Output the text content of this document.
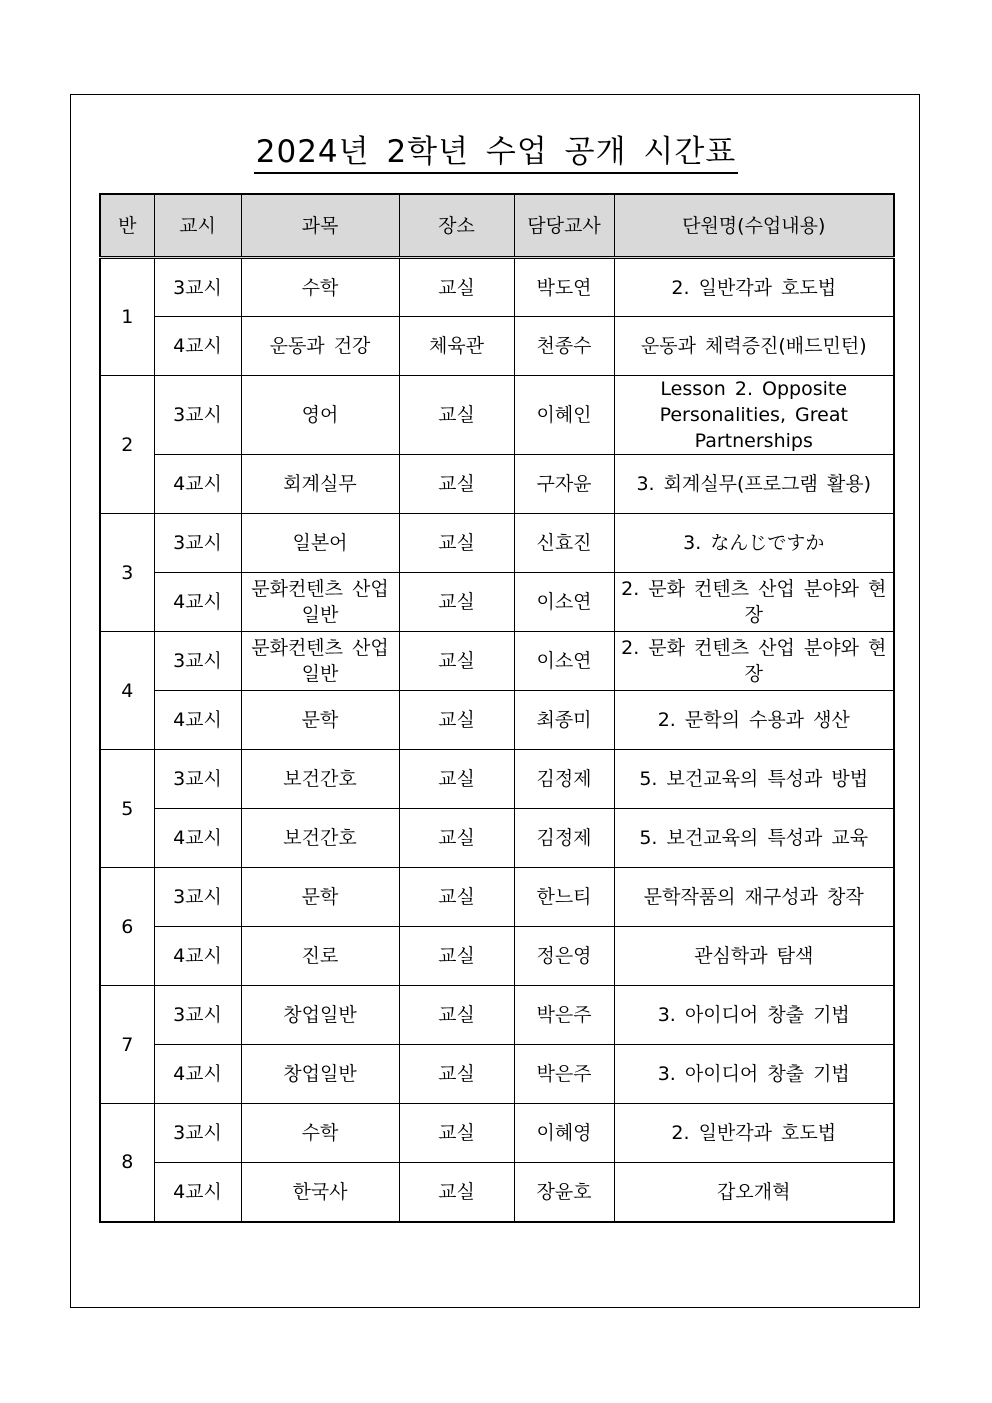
2024년 2학년 수업 공개 시간표
반	교시	과목	장소	담당교사	단원명(수업내용)
1	3교시	수학	교실	박도연	2. 일반각과 호도법
	4교시	운동과 건강	체육관	천종수	운동과 체력증진(배드민턴)
2	3교시	영어	교실	이혜인	Lesson 2. Opposite Personalities, Great Partnerships
	4교시	회계실무	교실	구자윤	3. 회계실무(프로그램 활용)
3	3교시	일본어	교실	신효진	3. なんじですか
	4교시	문화컨텐츠 산업일반	교실	이소연	2. 문화 컨텐츠 산업 분야와 현장
4	3교시	문화컨텐츠 산업일반	교실	이소연	2. 문화 컨텐츠 산업 분야와 현장
	4교시	문학	교실	최종미	2. 문학의 수용과 생산
5	3교시	보건간호	교실	김정제	5. 보건교육의 특성과 방법
	4교시	보건간호	교실	김정제	5. 보건교육의 특성과 교육
6	3교시	문학	교실	한느티	문학작품의 재구성과 창작
	4교시	진로	교실	정은영	관심학과 탐색
7	3교시	창업일반	교실	박은주	3. 아이디어 창출 기법
	4교시	창업일반	교실	박은주	3. 아이디어 창출 기법
8	3교시	수학	교실	이혜영	2. 일반각과 호도법
	4교시	한국사	교실	장윤호	갑오개혁
